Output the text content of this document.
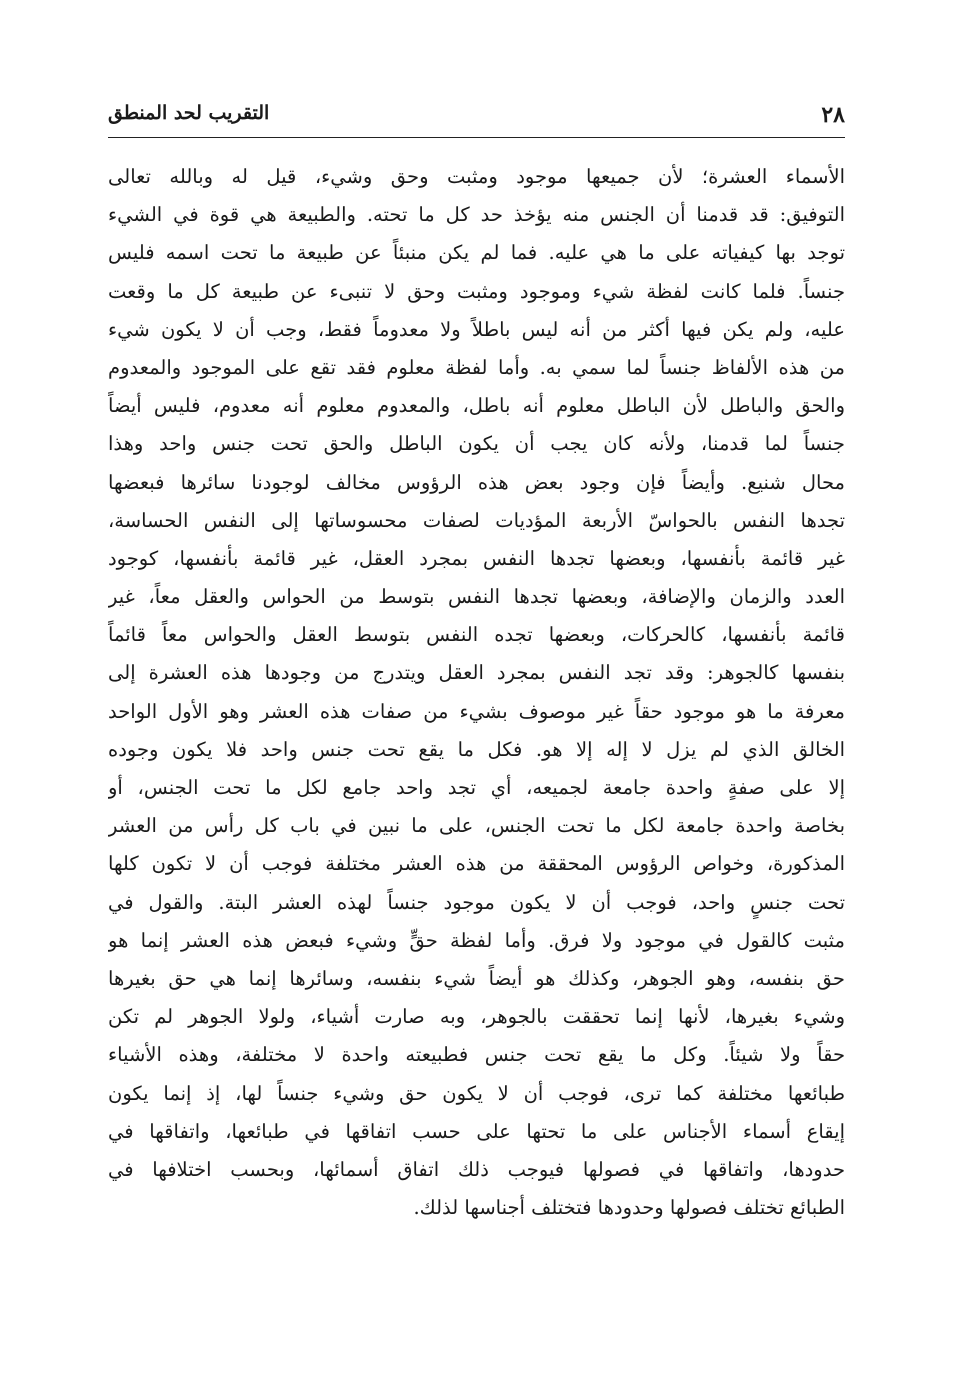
٢٨
التقريب لحد المنطق
الأسماء العشرة؛ لأن جميعها موجود ومثبت وحق وشيء، قيل له وبالله تعالى
التوفيق: قد قدمنا أن الجنس منه يؤخذ حد كل ما تحته. والطبيعة هي قوة في الشيء
توجد بها كيفياته على ما هي عليه. فما لم يكن منبئاً عن طبيعة ما تحت اسمه فليس
جنساً. فلما كانت لفظة شيء وموجود ومثبت وحق لا تنبىء عن طبيعة كل ما وقعت
عليه، ولم يكن فيها أكثر من أنه ليس باطلاً ولا معدوماً فقط، وجب أن لا يكون شيء
من هذه الألفاظ جنساً لما سمي به. وأما لفظة معلوم فقد تقع على الموجود والمعدوم
والحق والباطل لأن الباطل معلوم أنه باطل، والمعدوم معلوم أنه معدوم، فليس أيضاً
جنساً لما قدمنا، ولأنه كان يجب أن يكون الباطل والحق تحت جنس واحد وهذا
محال شنيع. وأيضاً فإن وجود بعض هذه الرؤوس مخالف لوجودنا سائرها فبعضها
تجدها النفس بالحواسّ الأربعة المؤديات لصفات محسوساتها إلى النفس الحساسة،
غير قائمة بأنفسها، وبعضها تجدها النفس بمجرد العقل، غير قائمة بأنفسها، كوجود
العدد والزمان والإضافة، وبعضها تجدها النفس بتوسط من الحواس والعقل معاً، غير
قائمة بأنفسها، كالحركات، وبعضها تجده النفس بتوسط العقل والحواس معاً قائماً
بنفسها كالجوهر: وقد تجد النفس بمجرد العقل ويتدرج من وجودها هذه العشرة إلى
معرفة ما هو موجود حقاً غير موصوف بشيء من صفات هذه العشر وهو الأول الواحد
الخالق الذي لم يزل لا إله إلا هو. فكل ما يقع تحت جنس واحد فلا يكون وجوده
إلا على صفةٍ واحدة جامعة لجميعه، أي تجد واحد جامع لكل ما تحت الجنس، أو
بخاصة واحدة جامعة لكل ما تحت الجنس، على ما نبين في باب كل رأس من العشر
المذكورة، وخواص الرؤوس المحققة من هذه العشر مختلفة فوجب أن لا تكون كلها
تحت جنسٍ واحد، فوجب أن لا يكون موجود جنساً لهذه العشر البتة. والقول في
مثبت كالقول في موجود ولا فرق. وأما لفظة حقٍّ وشيء فبعض هذه العشر إنما هو
حق بنفسه، وهو الجوهر، وكذلك هو أيضاً شيء بنفسه، وسائرها إنما هي حق بغيرها
وشيء بغيرها، لأنها إنما تحققت بالجوهر، وبه صارت أشياء، ولولا الجوهر لم تكن
حقاً ولا شيئاً. وكل ما يقع تحت جنس فطبيعته واحدة لا مختلفة، وهذه الأشياء
طبائعها مختلفة كما ترى، فوجب أن لا يكون حق وشيء جنساً لها، إذ إنما يكون
إيقاع أسماء الأجناس على ما تحتها على حسب اتفاقها في طبائعها، واتفاقها في
حدودها، واتفاقها في فصولها فيوجب ذلك اتفاق أسمائها، وبحسب اختلافها في
الطبائع تختلف فصولها وحدودها فتختلف أجناسها لذلك.
